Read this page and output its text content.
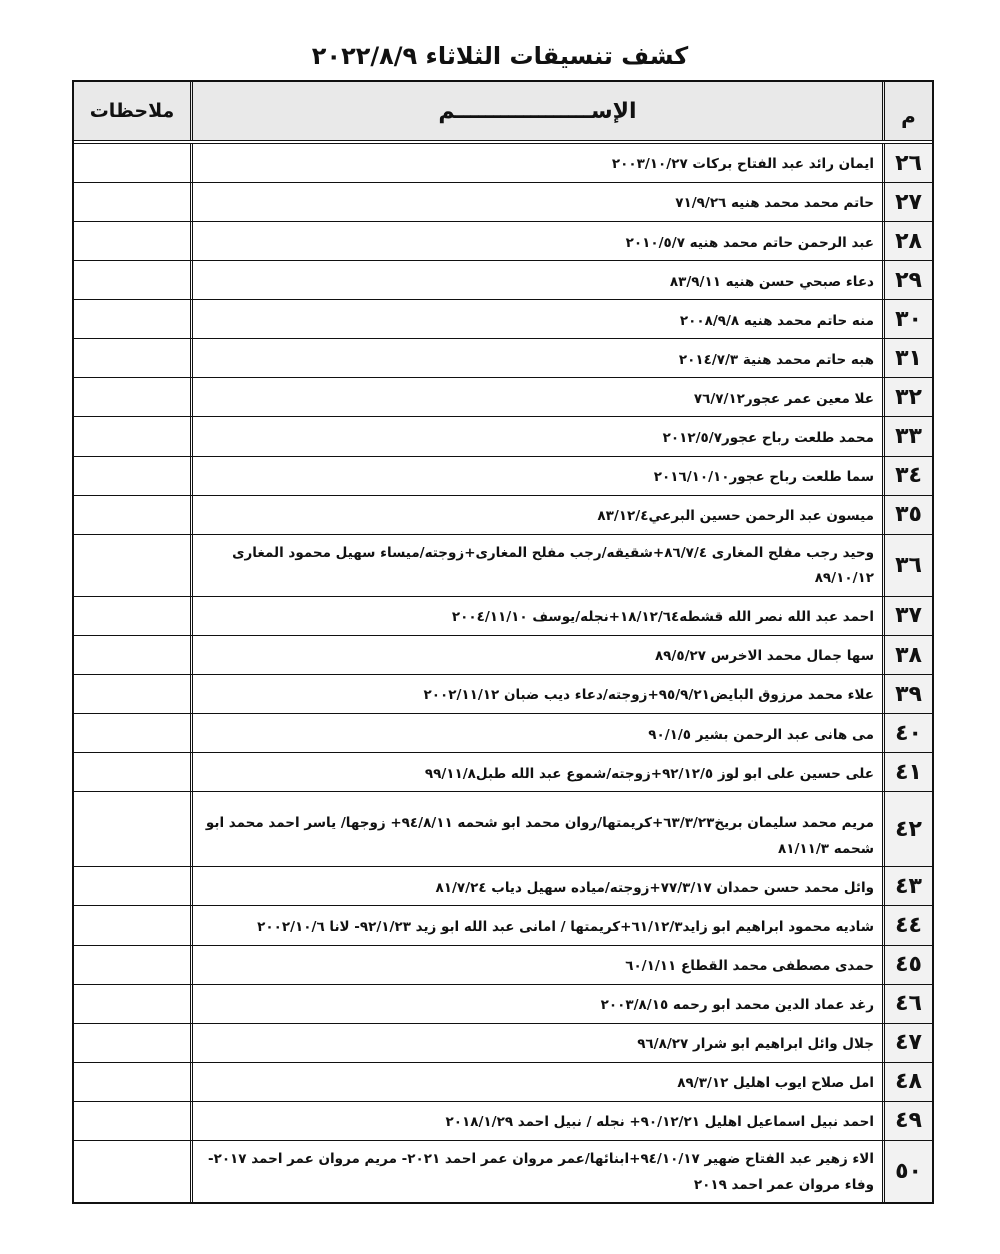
كشف تنسيقات الثلاثاء ٢٠٢٢/٨/٩
م
الإســــــــــــــــــم
ملاحظات
٢٦
ايمان رائد عبد الفتاح بركات ٢٠٠٣/١٠/٢٧
٢٧
حاتم محمد محمد هنيه ٧١/٩/٢٦
٢٨
عبد الرحمن حاتم محمد هنيه ٢٠١٠/٥/٧
٢٩
دعاء صبحي حسن هنيه ٨٣/٩/١١
٣٠
منه حاتم محمد هنيه ٢٠٠٨/٩/٨
٣١
هبه حاتم محمد هنية ٢٠١٤/٧/٣
٣٢
علا معين عمر عجور٧٦/٧/١٢
٣٣
محمد طلعت رباح عجور٢٠١٢/٥/٧
٣٤
سما طلعت رباح عجور٢٠١٦/١٠/١٠
٣٥
ميسون عبد الرحمن حسين البرعي٨٣/١٢/٤
٣٦
وحيد رجب مفلح المغارى ٨٦/٧/٤+شقيقه/رجب مفلح المغارى+زوجته/ميساء سهيل محمود المغارى ٨٩/١٠/١٢
٣٧
احمد عبد الله نصر الله قشطه١٨/١٢/٦٤+نجله/يوسف ٢٠٠٤/١١/١٠
٣٨
سها جمال محمد الاخرس ٨٩/٥/٢٧
٣٩
علاء محمد مرزوق البايض٩٥/٩/٢١+زوجته/دعاء ديب ضبان ٢٠٠٢/١١/١٢
٤٠
مى هانى عبد الرحمن بشير ٩٠/١/٥
٤١
على حسين على ابو لوز ٩٢/١٢/٥+زوجته/شموع عبد الله طبل٩٩/١١/٨
٤٢
مريم محمد سليمان بريخ٦٣/٣/٢٣+كريمتها/روان محمد ابو شحمه ٩٤/٨/١١+ زوجها/ ياسر احمد محمد ابو شحمه ٨١/١١/٣
٤٣
وائل محمد حسن حمدان ٧٧/٣/١٧+زوجته/مياده سهيل دياب ٨١/٧/٢٤
٤٤
شاديه محمود ابراهيم ابو زايد٦١/١٢/٣+كريمتها / امانى عبد الله ابو زيد ٩٢/١/٢٣- لانا ٢٠٠٢/١٠/٦
٤٥
حمدى مصطفى محمد القطاع ٦٠/١/١١
٤٦
رغد عماد الدين محمد ابو رحمه ٢٠٠٣/٨/١٥
٤٧
جلال وائل ابراهيم ابو شرار ٩٦/٨/٢٧
٤٨
امل صلاح ايوب اهليل ٨٩/٣/١٢
٤٩
احمد نبيل اسماعيل اهليل ٩٠/١٢/٢١+ نجله / نبيل احمد ٢٠١٨/١/٢٩
٥٠
الاء زهير عبد الفتاح ضهير ٩٤/١٠/١٧+ابنائها/عمر مروان عمر احمد ٢٠٢١- مريم مروان عمر احمد ٢٠١٧- وفاء مروان عمر احمد ٢٠١٩
